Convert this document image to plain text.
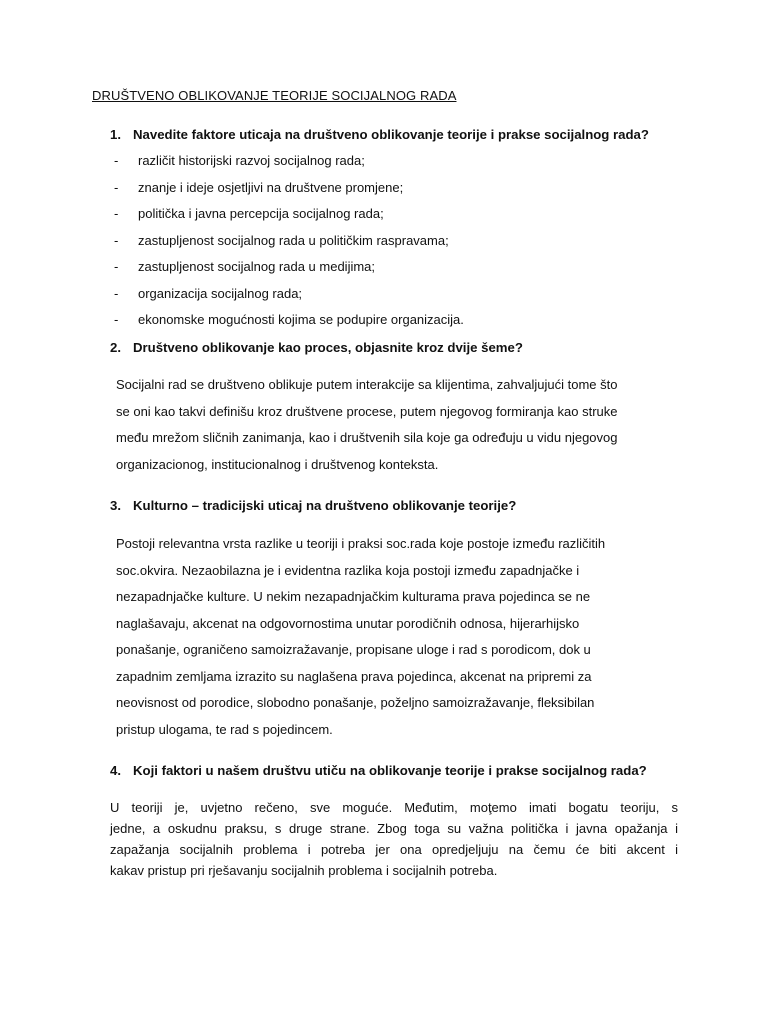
DRUŠTVENO OBLIKOVANJE TEORIJE SOCIJALNOG RADA
1. Navedite faktore uticaja na društveno oblikovanje teorije i prakse socijalnog rada?
- različit historijski razvoj socijalnog rada;
- znanje i ideje osjetljivi na društvene promjene;
- politička i javna percepcija socijalnog rada;
- zastupljenost socijalnog rada u političkim raspravama;
- zastupljenost socijalnog rada u medijima;
- organizacija socijalnog rada;
- ekonomske mogućnosti kojima se podupire organizacija.
2. Društveno oblikovanje kao proces, objasnite kroz dvije šeme?

Socijalni rad se društveno oblikuje putem interakcije sa klijentima, zahvaljujući tome što

se oni kao takvi definišu kroz društvene procese, putem njegovog formiranja kao struke

među mrežom sličnih zanimanja, kao i društvenih sila koje ga određuju u vidu njegovog

organizacionog, institucionalnog i društvenog konteksta.

3. Kulturno – tradicijski uticaj na društveno oblikovanje teorije?

Postoji relevantna vrsta razlike u teoriji i praksi soc.rada koje postoje između različitih

soc.okvira. Nezaobilazna je i evidentna razlika koja postoji između zapadnjačke i

nezapadnjačke kulture. U nekim nezapadnjačkim kulturama prava pojedinca se ne

naglašavaju, akcenat na odgovornostima unutar porodičnih odnosa, hijerarhijsko

ponašanje, ograničeno samoizražavanje, propisane uloge i rad s porodicom, dok u

zapadnim zemljama izrazito su naglašena prava pojedinca, akcenat na pripremi za

neovisnost od porodice, slobodno ponašanje, poželjno samoizražavanje, fleksibilan

pristup ulogama, te rad s pojedincem.

4. Koji faktori u našem društvu utiču na oblikovanje teorije i prakse socijalnog rada?

U teoriji je, uvjetno rečeno, sve moguće. Međutim, moţemo imati bogatu teoriju, s

jedne, a oskudnu praksu, s druge strane. Zbog toga su važna politička i javna opažanja i

zapažanja socijalnih problema i potreba jer ona opredjeljuju na čemu će biti akcent i

kakav pristup pri rješavanju socijalnih problema i socijalnih potreba.
